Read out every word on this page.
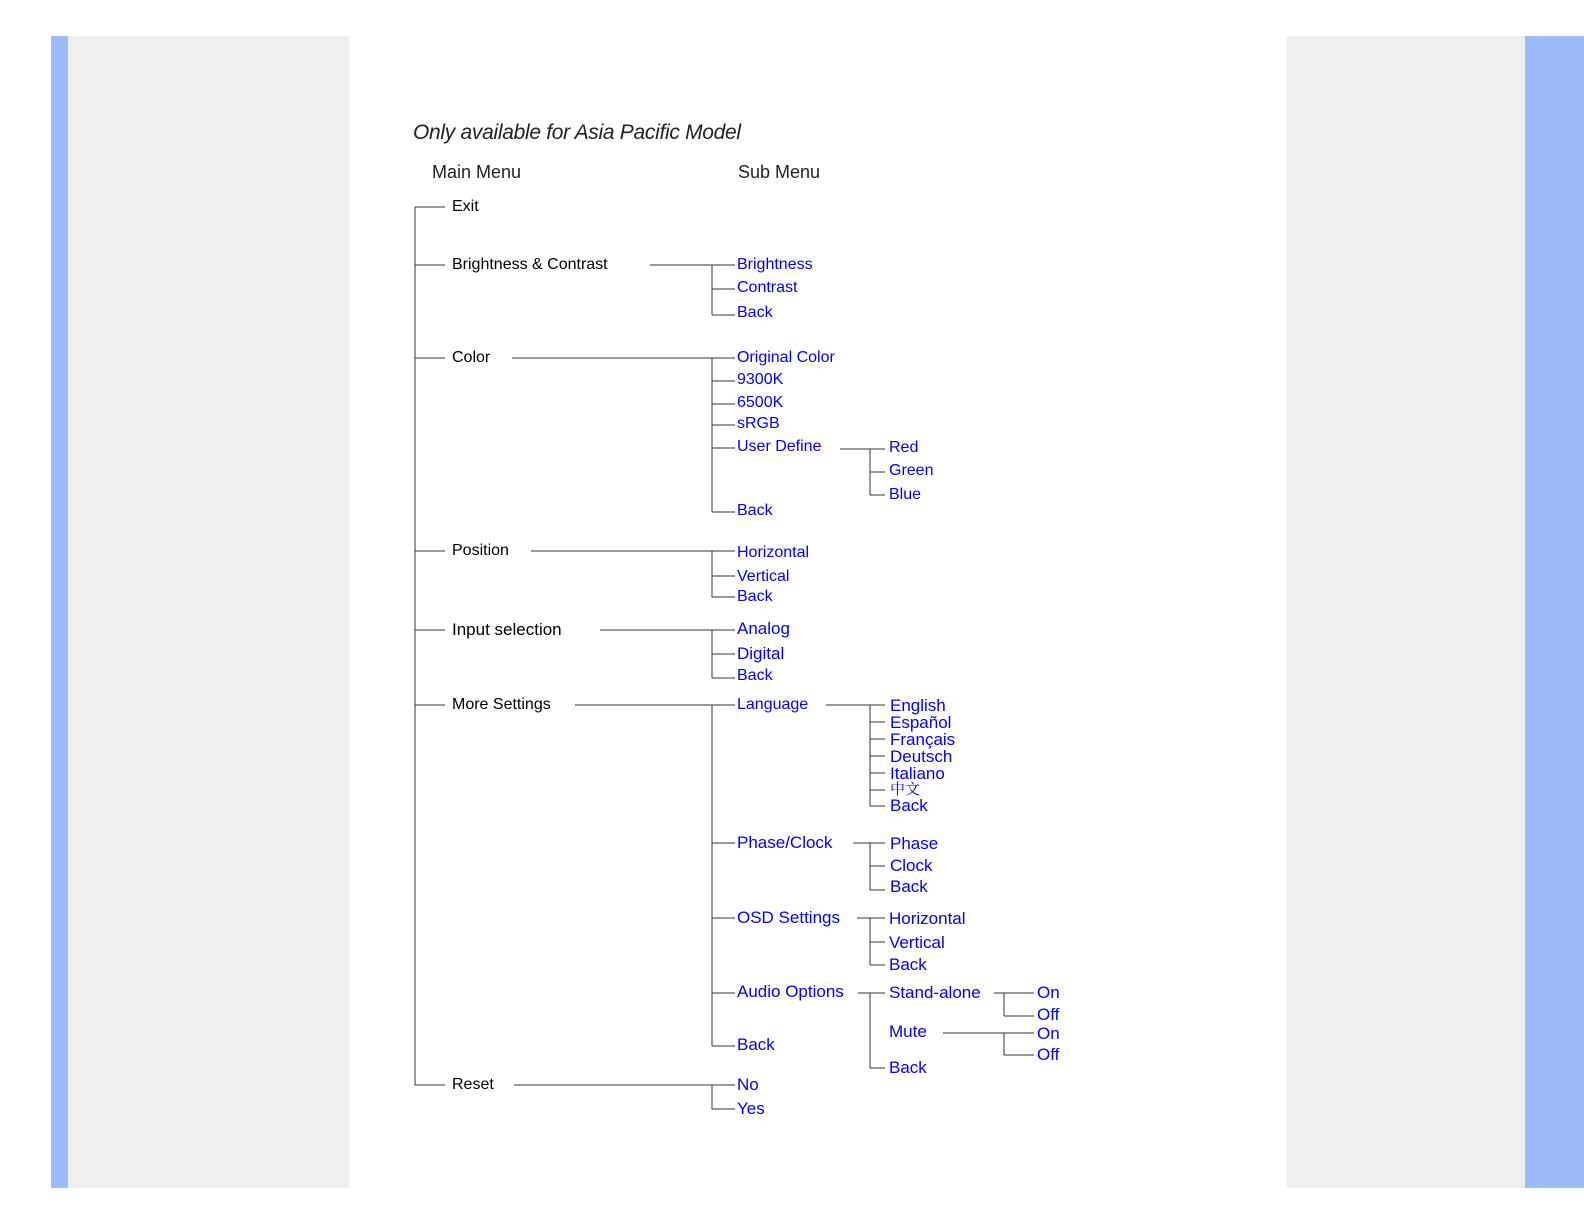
Only available for Asia Pacific Model
Main Menu	Sub Menu
Exit
Brightness & Contrast
Color
Position
Input selection
More Settings
Reset
Brightness
Contrast
Back
Original Color
9300K
6500K
sRGB
User Define
Back
Red
Green
Blue
Horizontal
Vertical
Back
Analog
Digital
Back
Language
Phase/Clock
OSD Settings
Audio Options
Back
English
Español
Français
Deutsch
Italiano
中文
Back
Phase
Clock
Back
Horizontal
Vertical
Back
Stand-alone
Mute
Back
On
Off
On
Off
No
Yes
